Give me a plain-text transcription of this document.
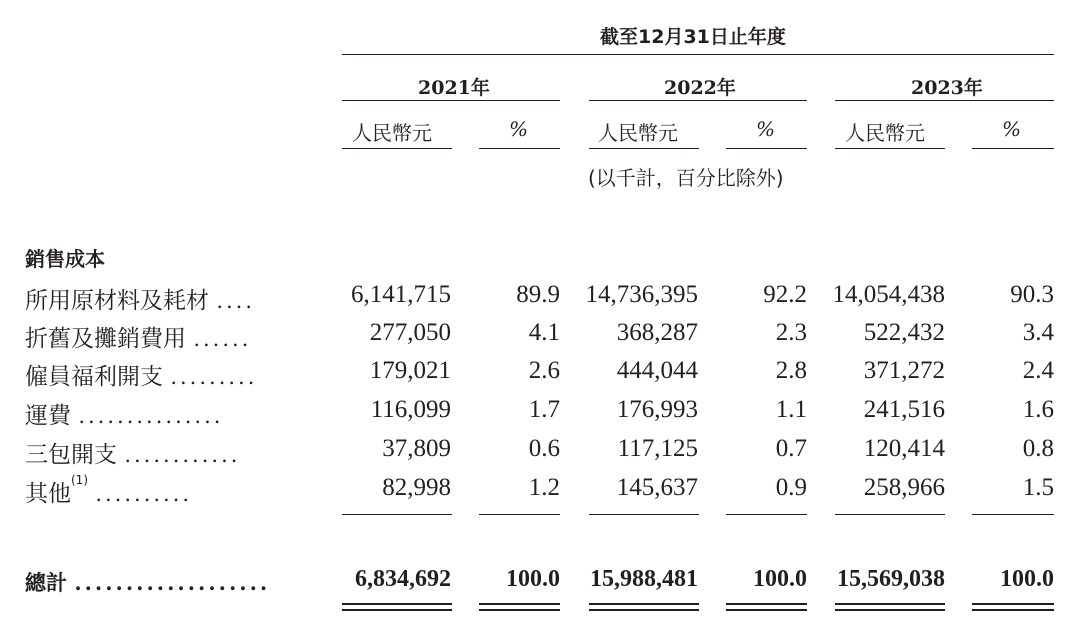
截至12月31日止年度
2021年	2022年	2023年
人民幣元	%	人民幣元	%	人民幣元	%
(以千計，百分比除外)
銷售成本
所用原材料及耗材 ....	6,141,715	89.9 14,736,395	92.2 14,054,438	90.3
折舊及攤銷費用 ......	277,050	4.1 368,287	2.3 522,432	3.4
僱員福利開支 .........	179,021	2.6 444,044	2.8 371,272	2.4
運費 ...............	116,099	1.7 176,993	1.1 241,516	1.6
三包開支 ............	37,809	0.6 117,125	0.7 120,414	0.8
其他$^{(1)}$ ..........	82,998	1.2 145,637	0.9 258,966	1.5
總計 ...................	6,834,692 100.0 15,988,481 100.0 15,569,038 100.0
